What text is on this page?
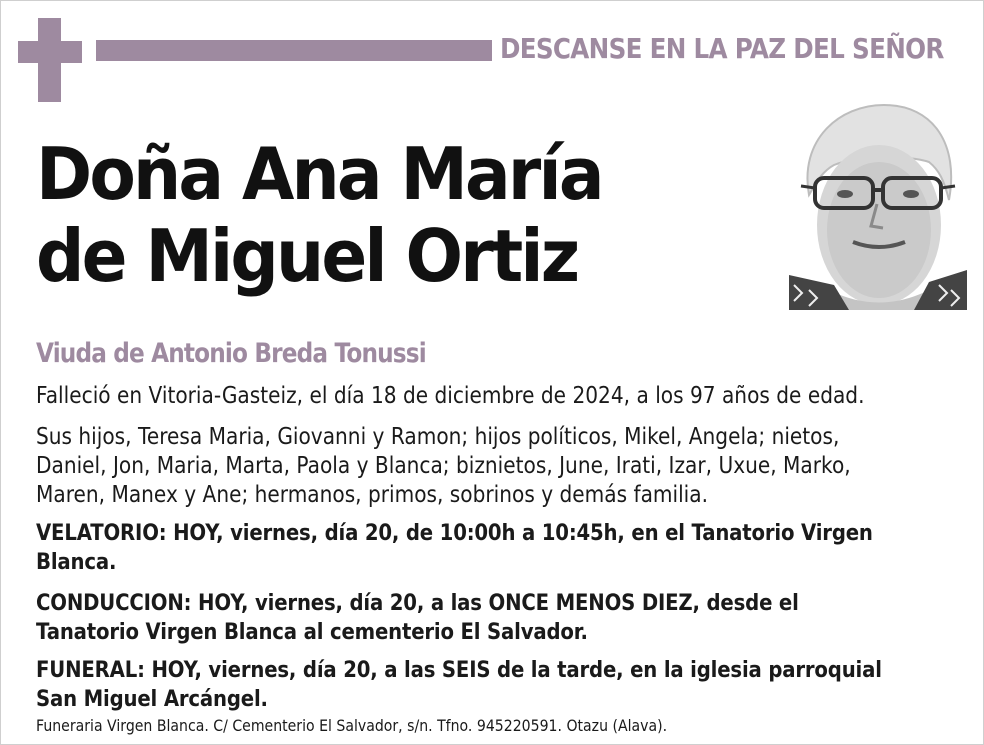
DESCANSE EN LA PAZ DEL SEÑOR
Doña Ana María
de Miguel Ortiz
Viuda de Antonio Breda Tonussi
Falleció en Vitoria-Gasteiz, el día 18 de diciembre de 2024, a los 97 años de edad.
Sus hijos, Teresa Maria, Giovanni y Ramon; hijos políticos, Mikel, Angela; nietos,
Daniel, Jon, Maria, Marta, Paola y Blanca; biznietos, June, Irati, Izar, Uxue, Marko,
Maren, Manex y Ane; hermanos, primos, sobrinos y demás familia.
VELATORIO: HOY, viernes, día 20, de 10:00h a 10:45h, en el Tanatorio Virgen
Blanca.
CONDUCCION: HOY, viernes, día 20, a las ONCE MENOS DIEZ, desde el
Tanatorio Virgen Blanca al cementerio El Salvador.
FUNERAL: HOY, viernes, día 20, a las SEIS de la tarde, en la iglesia parroquial
San Miguel Arcángel.
Funeraria Virgen Blanca. C/ Cementerio El Salvador, s/n. Tfno. 945220591. Otazu (Alava).
